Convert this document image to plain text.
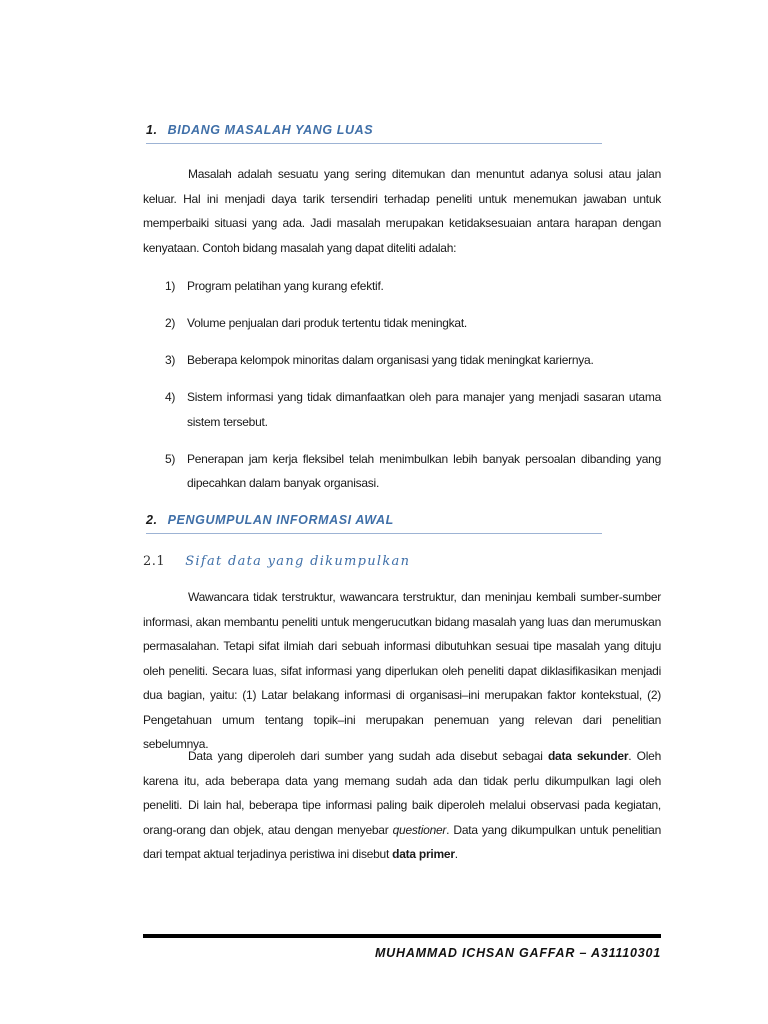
1. BIDANG MASALAH YANG LUAS

Masalah adalah sesuatu yang sering ditemukan dan menuntut adanya solusi atau jalan keluar. Hal ini menjadi daya tarik tersendiri terhadap peneliti untuk menemukan jawaban untuk memperbaiki situasi yang ada. Jadi masalah merupakan ketidaksesuaian antara harapan dengan kenyataan. Contoh bidang masalah yang dapat diteliti adalah:

1) Program pelatihan yang kurang efektif.
2) Volume penjualan dari produk tertentu tidak meningkat.
3) Beberapa kelompok minoritas dalam organisasi yang tidak meningkat kariernya.
4) Sistem informasi yang tidak dimanfaatkan oleh para manajer yang menjadi sasaran utama sistem tersebut.
5) Penerapan jam kerja fleksibel telah menimbulkan lebih banyak persoalan dibanding yang dipecahkan dalam banyak organisasi.
2. PENGUMPULAN INFORMASI AWAL
2.1 Sifat data yang dikumpulkan

Wawancara tidak terstruktur, wawancara terstruktur, dan meninjau kembali sumber-sumber informasi, akan membantu peneliti untuk mengerucutkan bidang masalah yang luas dan merumuskan permasalahan. Tetapi sifat ilmiah dari sebuah informasi dibutuhkan sesuai tipe masalah yang dituju oleh peneliti. Secara luas, sifat informasi yang diperlukan oleh peneliti dapat diklasifikasikan menjadi dua bagian, yaitu: (1) Latar belakang informasi di organisasi–ini merupakan faktor kontekstual, (2) Pengetahuan umum tentang topik–ini merupakan penemuan yang relevan dari penelitian sebelumnya.

Data yang diperoleh dari sumber yang sudah ada disebut sebagai data sekunder. Oleh karena itu, ada beberapa data yang memang sudah ada dan tidak perlu dikumpulkan lagi oleh peneliti. Di lain hal, beberapa tipe informasi paling baik diperoleh melalui observasi pada kegiatan, orang-orang dan objek, atau dengan menyebar questioner. Data yang dikumpulkan untuk penelitian dari tempat aktual terjadinya peristiwa ini disebut data primer.

MUHAMMAD ICHSAN GAFFAR – A31110301
